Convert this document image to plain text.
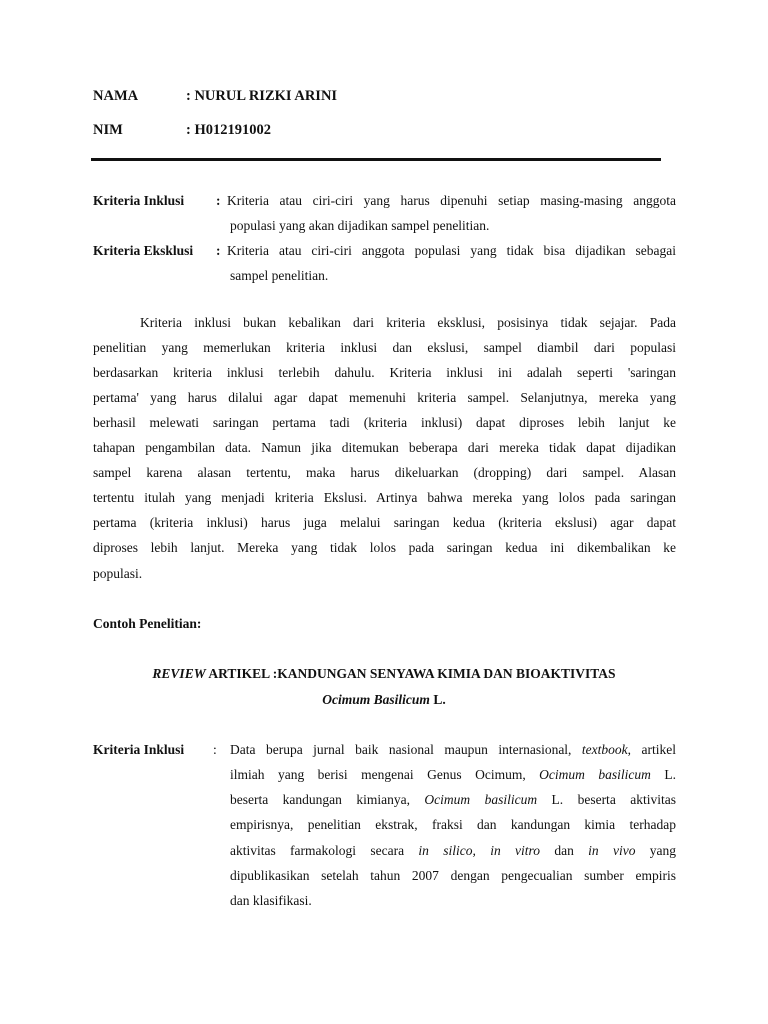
NAMA	: NURUL RIZKI ARINI
NIM	: H012191002
Kriteria Inklusi : Kriteria atau ciri-ciri yang harus dipenuhi setiap masing-masing anggota
populasi yang akan dijadikan sampel penelitian.
Kriteria Eksklusi : Kriteria atau ciri-ciri anggota populasi yang tidak bisa dijadikan sebagai
sampel penelitian.
Kriteria inklusi bukan kebalikan dari kriteria eksklusi, posisinya tidak sejajar. Pada
penelitian yang memerlukan kriteria inklusi dan ekslusi, sampel diambil dari populasi
berdasarkan kriteria inklusi terlebih dahulu. Kriteria inklusi ini adalah seperti 'saringan
pertama' yang harus dilalui agar dapat memenuhi kriteria sampel. Selanjutnya, mereka yang
berhasil melewati saringan pertama tadi (kriteria inklusi) dapat diproses lebih lanjut ke
tahapan pengambilan data. Namun jika ditemukan beberapa dari mereka tidak dapat dijadikan
sampel karena alasan tertentu, maka harus dikeluarkan (dropping) dari sampel. Alasan
tertentu itulah yang menjadi kriteria Ekslusi. Artinya bahwa mereka yang lolos pada saringan
pertama (kriteria inklusi) harus juga melalui saringan kedua (kriteria ekslusi) agar dapat
diproses lebih lanjut. Mereka yang tidak lolos pada saringan kedua ini dikembalikan ke
populasi.
Contoh Penelitian:
REVIEW ARTIKEL :KANDUNGAN SENYAWA KIMIA DAN BIOAKTIVITAS
Ocimum Basilicum L.
Kriteria Inklusi : Data berupa jurnal baik nasional maupun internasional, textbook, artikel
ilmiah yang berisi mengenai Genus Ocimum, Ocimum basilicum L.
beserta kandungan kimianya, Ocimum basilicum L. beserta aktivitas
empirisnya, penelitian ekstrak, fraksi dan kandungan kimia terhadap
aktivitas farmakologi secara in silico, in vitro dan in vivo yang
dipublikasikan setelah tahun 2007 dengan pengecualian sumber empiris
dan klasifikasi.
